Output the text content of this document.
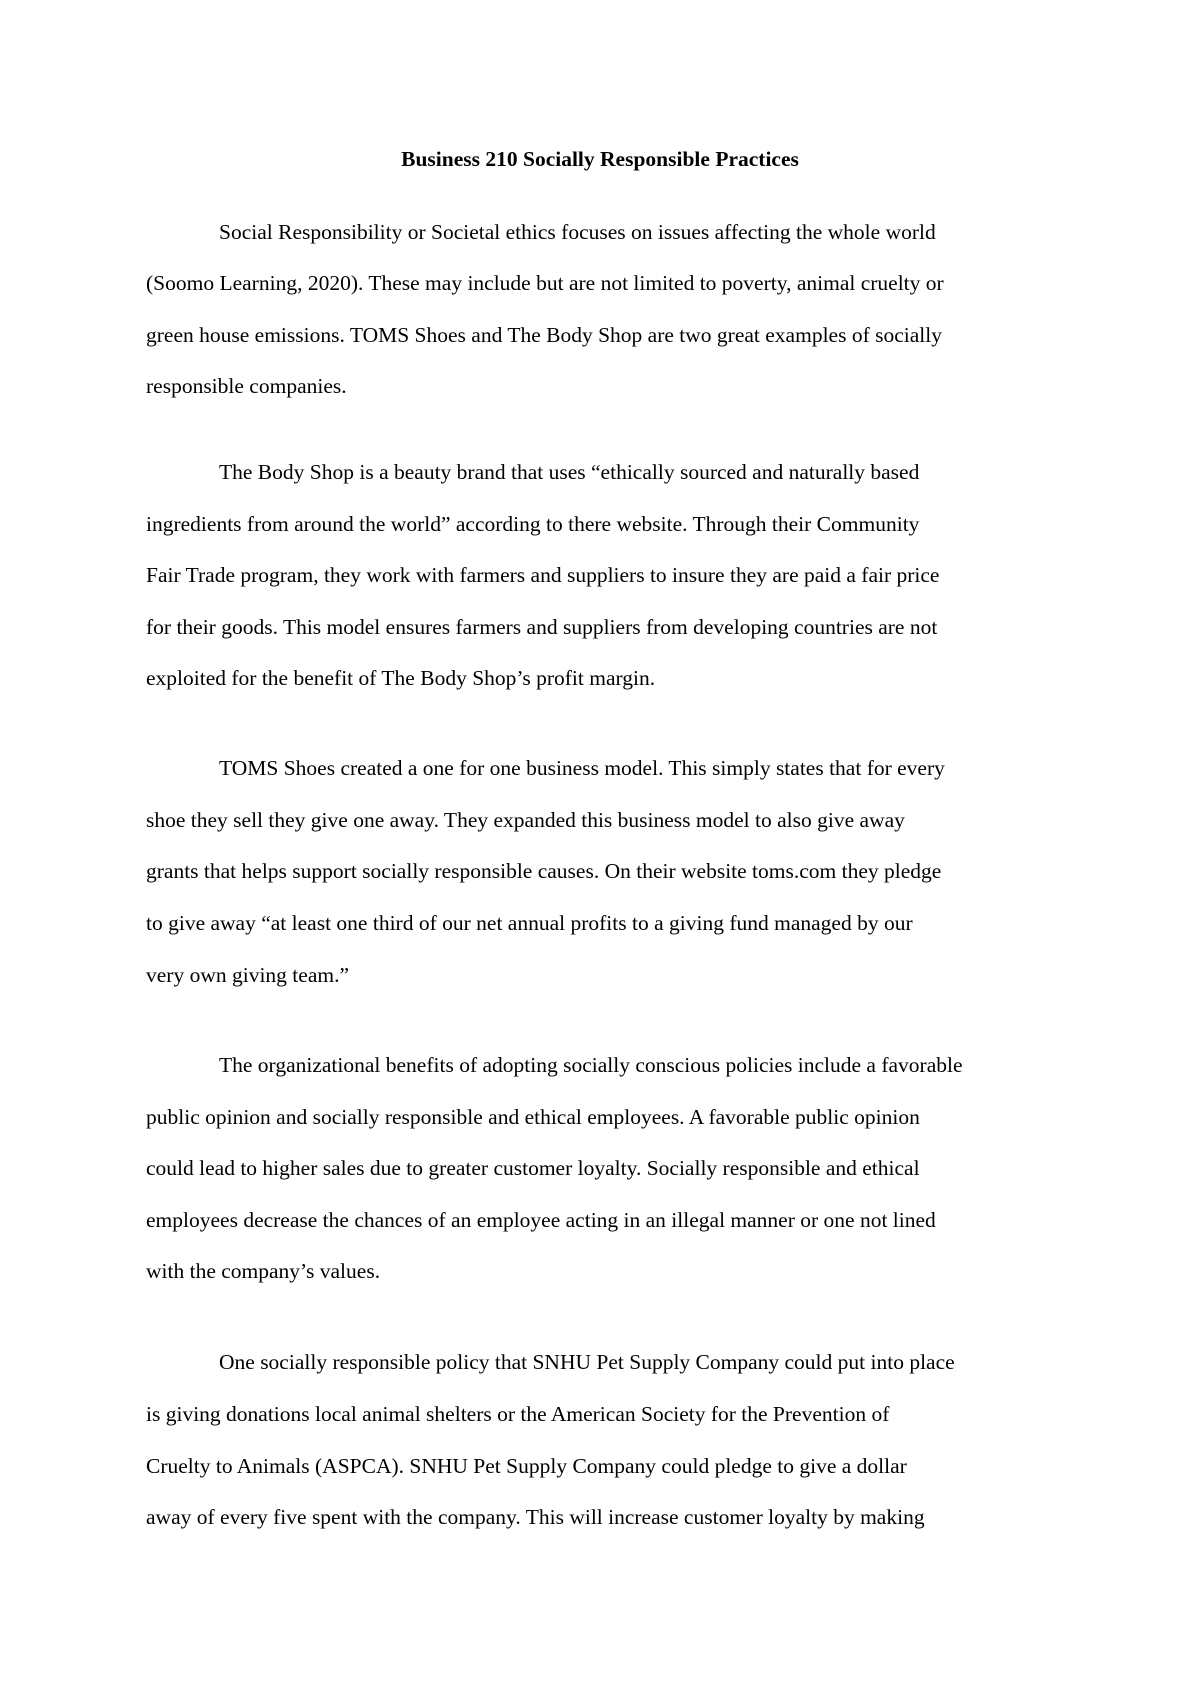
Business 210 Socially Responsible Practices
Social Responsibility or Societal ethics focuses on issues affecting the whole world
(Soomo Learning, 2020). These may include but are not limited to poverty, animal cruelty or
green house emissions. TOMS Shoes and The Body Shop are two great examples of socially
responsible companies.
The Body Shop is a beauty brand that uses “ethically sourced and naturally based
ingredients from around the world” according to there website. Through their Community
Fair Trade program, they work with farmers and suppliers to insure they are paid a fair price
for their goods. This model ensures farmers and suppliers from developing countries are not
exploited for the benefit of The Body Shop’s profit margin.
TOMS Shoes created a one for one business model. This simply states that for every
shoe they sell they give one away. They expanded this business model to also give away
grants that helps support socially responsible causes. On their website toms.com they pledge
to give away “at least one third of our net annual profits to a giving fund managed by our
very own giving team.”
The organizational benefits of adopting socially conscious policies include a favorable
public opinion and socially responsible and ethical employees. A favorable public opinion
could lead to higher sales due to greater customer loyalty. Socially responsible and ethical
employees decrease the chances of an employee acting in an illegal manner or one not lined
with the company’s values.
One socially responsible policy that SNHU Pet Supply Company could put into place
is giving donations local animal shelters or the American Society for the Prevention of
Cruelty to Animals (ASPCA). SNHU Pet Supply Company could pledge to give a dollar
away of every five spent with the company. This will increase customer loyalty by making
